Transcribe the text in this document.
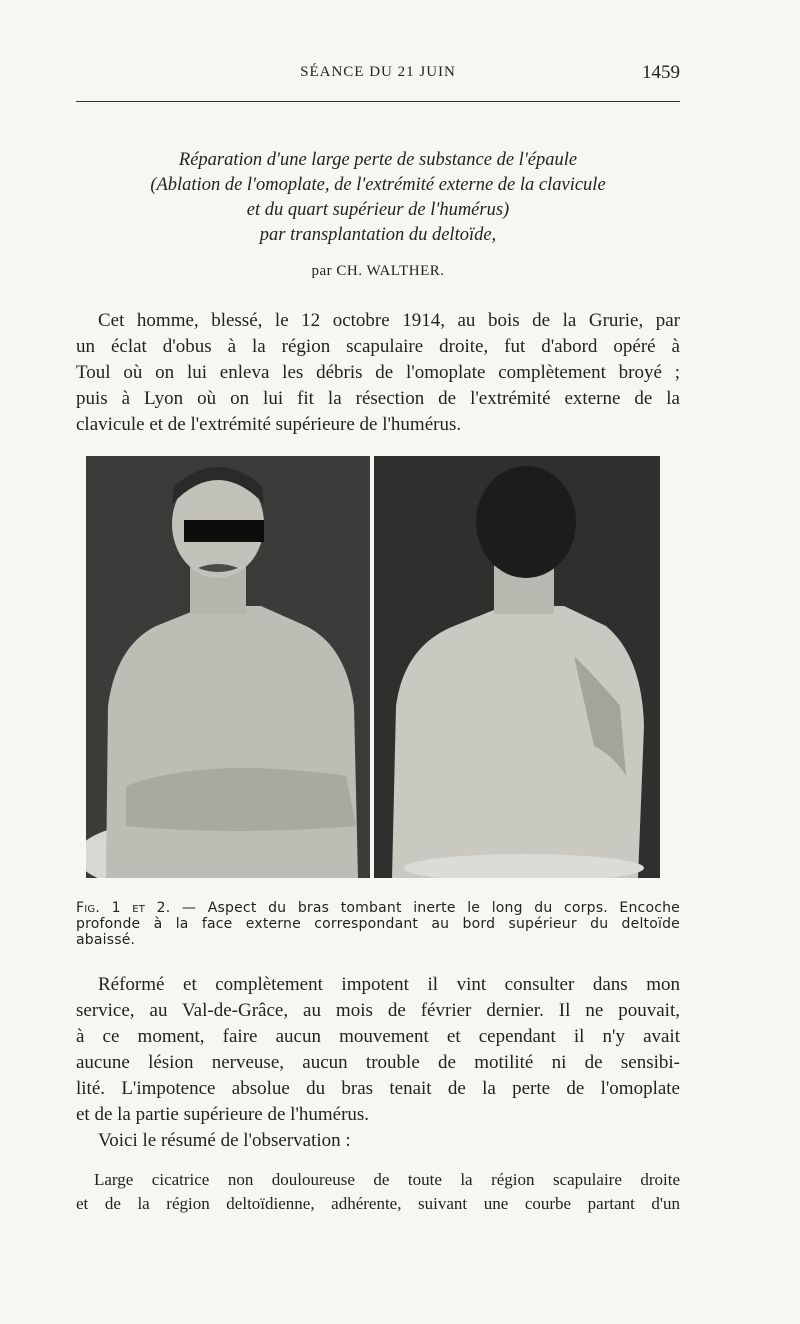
SÉANCE DU 21 JUIN	1459
Réparation d'une large perte de substance de l'épaule
(Ablation de l'omoplate, de l'extrémité externe de la clavicule
et du quart supérieur de l'humérus)
par transplantation du deltoïde,
par CH. WALTHER.
Cet homme, blessé, le 12 octobre 1914, au bois de la Grurie, par
un éclat d'obus à la région scapulaire droite, fut d'abord opéré à
Toul où on lui enleva les débris de l'omoplate complètement broyé ;
puis à Lyon où on lui fit la résection de l'extrémité externe de la
clavicule et de l'extrémité supérieure de l'humérus.
Fig. 1 et 2. — Aspect du bras tombant inerte le long du corps. Encoche
profonde à la face externe correspondant au bord supérieur du deltoïde
abaissé.
Réformé et complètement impotent il vint consulter dans mon
service, au Val-de-Grâce, au mois de février dernier. Il ne pouvait,
à ce moment, faire aucun mouvement et cependant il n'y avait
aucune lésion nerveuse, aucun trouble de motilité ni de sensibi-
lité. L'impotence absolue du bras tenait de la perte de l'omoplate
et de la partie supérieure de l'humérus.
Voici le résumé de l'observation :
Large cicatrice non douloureuse de toute la région scapulaire droite
et de la région deltoïdienne, adhérente, suivant une courbe partant d'un
